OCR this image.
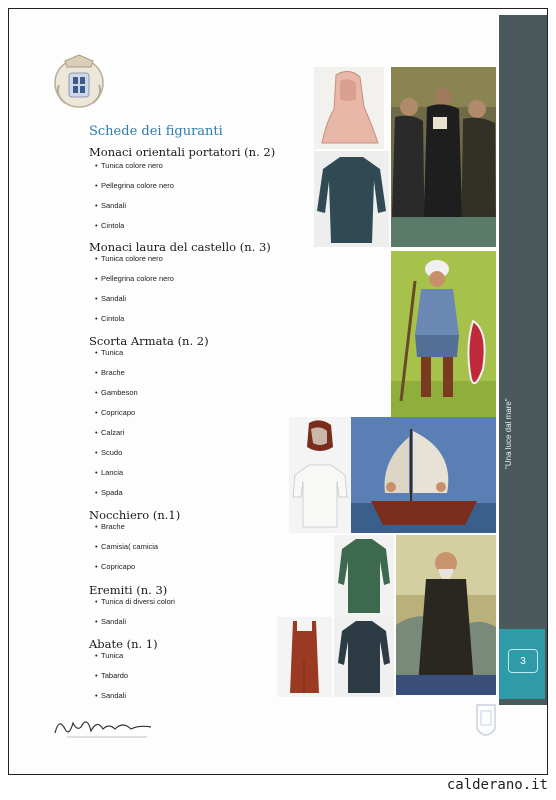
"Una luce dal mare"
3
Schede dei figuranti
Monaci orientali portatori (n. 2)
• Tunica colore nero
• Pellegrina colore nero
• Sandali
• Cintola
Monaci laura del castello (n. 3)
• Tunica colore nero
• Pellegrina colore nero
• Sandali
• Cintola
Scorta Armata (n. 2)
• Tunica
• Brache
• Gambeson
• Copricapo
• Calzari
• Scudo
• Lancia
• Spada
Nocchiero (n.1)
• Brache
• Camisia( camicia
• Copricapo
Eremiti (n. 3)
• Tunica di diversi colori
• Sandali
Abate (n. 1)
• Tunica
• Tabardo
• Sandali
calderano.it
